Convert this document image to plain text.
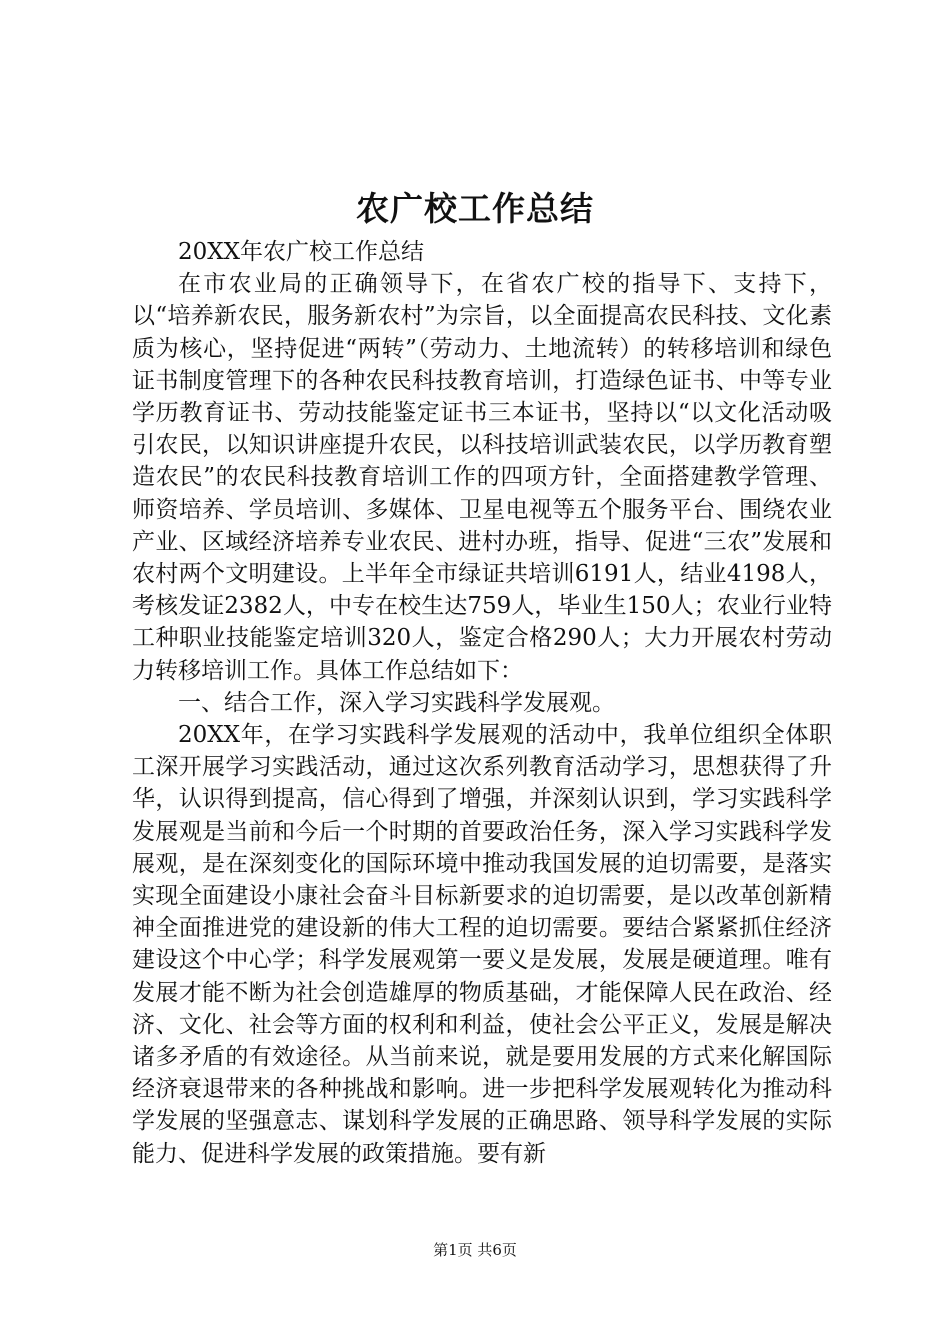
农广校工作总结

20XX年农广校工作总结

在市农业局的正确领导下，在省农广校的指导下、支持下，以“培养新农民，服务新农村”为宗旨，以全面提高农民科技、文化素质为核心，坚持促进“两转”（劳动力、土地流转）的转移培训和绿色证书制度管理下的各种农民科技教育培训，打造绿色证书、中等专业学历教育证书、劳动技能鉴定证书三本证书，坚持以“以文化活动吸引农民，以知识讲座提升农民，以科技培训武装农民，以学历教育塑造农民”的农民科技教育培训工作的四项方针，全面搭建教学管理、师资培养、学员培训、多媒体、卫星电视等五个服务平台、围绕农业产业、区域经济培养专业农民、进村办班，指导、促进“三农”发展和农村两个文明建设。上半年全市绿证共培训6191人，结业4198人，考核发证2382人，中专在校生达759人，毕业生150人；农业行业特工种职业技能鉴定培训320人，鉴定合格290人；大力开展农村劳动力转移培训工作。具体工作总结如下：

一、结合工作，深入学习实践科学发展观。

20XX年，在学习实践科学发展观的活动中，我单位组织全体职工深开展学习实践活动，通过这次系列教育活动学习，思想获得了升华，认识得到提高，信心得到了增强，并深刻认识到，学习实践科学发展观是当前和今后一个时期的首要政治任务，深入学习实践科学发展观，是在深刻变化的国际环境中推动我国发展的迫切需要，是落实实现全面建设小康社会奋斗目标新要求的迫切需要，是以改革创新精神全面推进党的建设新的伟大工程的迫切需要。要结合紧紧抓住经济建设这个中心学；科学发展观第一要义是发展，发展是硬道理。唯有发展才能不断为社会创造雄厚的物质基础，才能保障人民在政治、经济、文化、社会等方面的权利和利益，使社会公平正义，发展是解决诸多矛盾的有效途径。从当前来说，就是要用发展的方式来化解国际经济衰退带来的各种挑战和影响。进一步把科学发展观转化为推动科学发展的坚强意志、谋划科学发展的正确思路、领导科学发展的实际能力、促进科学发展的政策措施。要有新

第1页 共6页
